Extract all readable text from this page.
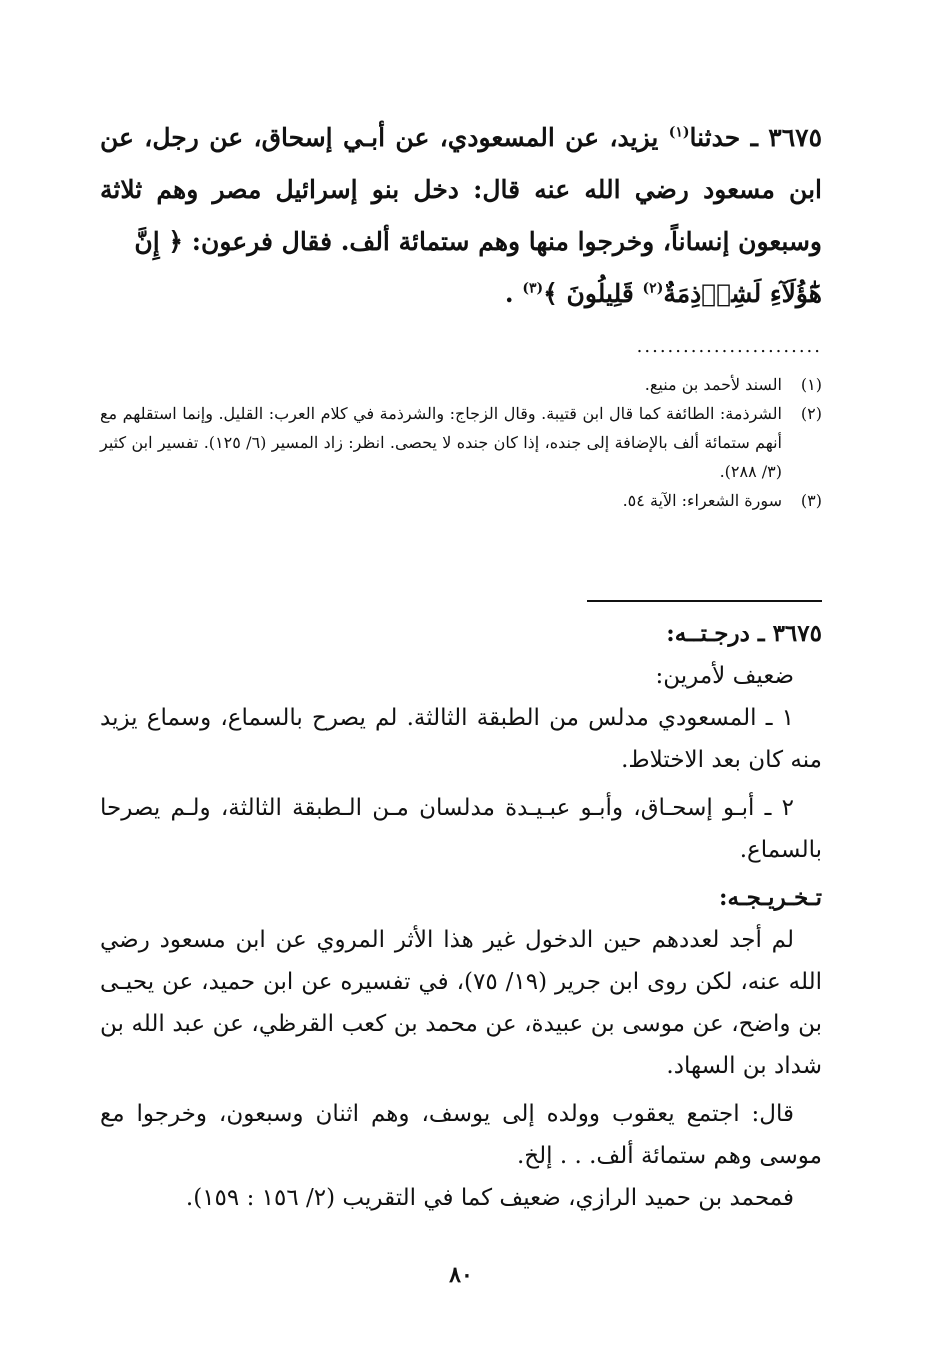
٣٦٧٥ ـ حدثنا$^{(١)}$ يزيد، عن المسعودي، عن أبـي إسحاق، عن رجل، عن ابن مسعود رضي الله عنه قال: دخل بنو إسرائيل مصر وهم ثلاثة وسبعون إنساناً، وخرجوا منها وهم ستمائة ألف. فقال فرعون: ﴿ إِنَّ
هَٰٓؤُلَآءِ لَشِرۡذِمَةٌ$^{(٢)}$ قَلِيلُونَ ﴾$^{(٣)}$ .

........................
(١)
السند لأحمد بن منيع.
(٢)
الشرذمة: الطائفة كما قال ابن قتيبة. وقال الزجاج: والشرذمة في كلام العرب: القليل. وإنما استقلهم مع أنهم ستمائة ألف بالإضافة إلى جنده، إذا كان جنده لا يحصى. انظر: زاد المسير (٦/ ١٢٥). تفسير ابن كثير (٣/ ٢٨٨).
(٣)
سورة الشعراء: الآية ٥٤.

٣٦٧٥ ـ درجـتــه:

ضعيف لأمرين:

١ ـ المسعودي مدلس من الطبقة الثالثة. لم يصرح بالسماع، وسماع يزيد منه كان بعد الاختلاط.

٢ ـ أبـو إسحـاق، وأبـو عبـيـدة مدلسان مـن الـطبقة الثالثة، ولـم يصرحا بالسماع.

تـخـريـجـه:

لم أجد لعددهم حين الدخول غير هذا الأثر المروي عن ابن مسعود رضي الله عنه، لكن روى ابن جرير (١٩/ ٧٥)، في تفسيره عن ابن حميد، عن يحيـى بن واضح، عن موسى بن عبيدة، عن محمد بن كعب القرظي، عن عبد الله بن شداد بن السهاد.

قال: اجتمع يعقوب وولده إلى يوسف، وهم اثنان وسبعون، وخرجوا مع موسى وهم ستمائة ألف. . . إلخ.

فمحمد بن حميد الرازي، ضعيف كما في التقريب (٢/ ١٥٦ : ١٥٩).

٨٠
